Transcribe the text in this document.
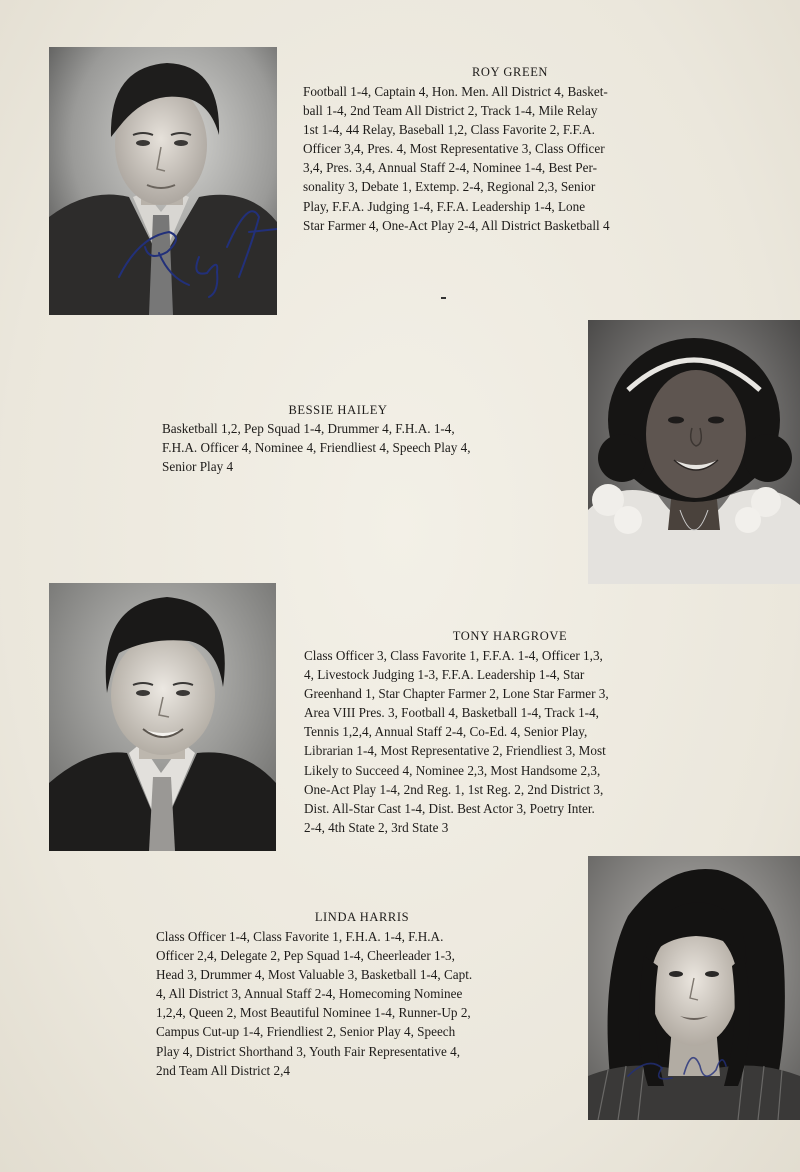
ROY GREEN
Football 1-4, Captain 4, Hon. Men. All District 4, Basket-
ball 1-4, 2nd Team All District 2, Track 1-4, Mile Relay
1st 1-4, 44 Relay, Baseball 1,2, Class Favorite 2, F.F.A.
Officer 3,4, Pres. 4, Most Representative 3, Class Officer
3,4, Pres. 3,4, Annual Staff 2-4, Nominee 1-4, Best Per-
sonality 3, Debate 1, Extemp. 2-4, Regional 2,3, Senior
Play, F.F.A. Judging 1-4, F.F.A. Leadership 1-4, Lone
Star Farmer 4, One-Act Play 2-4, All District Basketball 4
BESSIE HAILEY
Basketball 1,2, Pep Squad 1-4, Drummer 4, F.H.A. 1-4,
F.H.A. Officer 4, Nominee 4, Friendliest 4, Speech Play 4,
Senior Play 4
TONY HARGROVE
Class Officer 3, Class Favorite 1, F.F.A. 1-4, Officer 1,3,
4, Livestock Judging 1-3, F.F.A. Leadership 1-4, Star
Greenhand 1, Star Chapter Farmer 2, Lone Star Farmer 3,
Area VIII Pres. 3, Football 4, Basketball 1-4, Track 1-4,
Tennis 1,2,4, Annual Staff 2-4, Co-Ed. 4, Senior Play,
Librarian 1-4, Most Representative 2, Friendliest 3, Most
Likely to Succeed 4, Nominee 2,3, Most Handsome 2,3,
One-Act Play 1-4, 2nd Reg. 1, 1st Reg. 2, 2nd District 3,
Dist. All-Star Cast 1-4, Dist. Best Actor 3, Poetry Inter.
2-4, 4th State 2, 3rd State 3
LINDA HARRIS
Class Officer 1-4, Class Favorite 1, F.H.A. 1-4, F.H.A.
Officer 2,4, Delegate 2, Pep Squad 1-4, Cheerleader 1-3,
Head 3, Drummer 4, Most Valuable 3, Basketball 1-4, Capt.
4, All District 3, Annual Staff 2-4, Homecoming Nominee
1,2,4, Queen 2, Most Beautiful Nominee 1-4, Runner-Up 2,
Campus Cut-up 1-4, Friendliest 2, Senior Play 4, Speech
Play 4, District Shorthand 3, Youth Fair Representative 4,
2nd Team All District 2,4
